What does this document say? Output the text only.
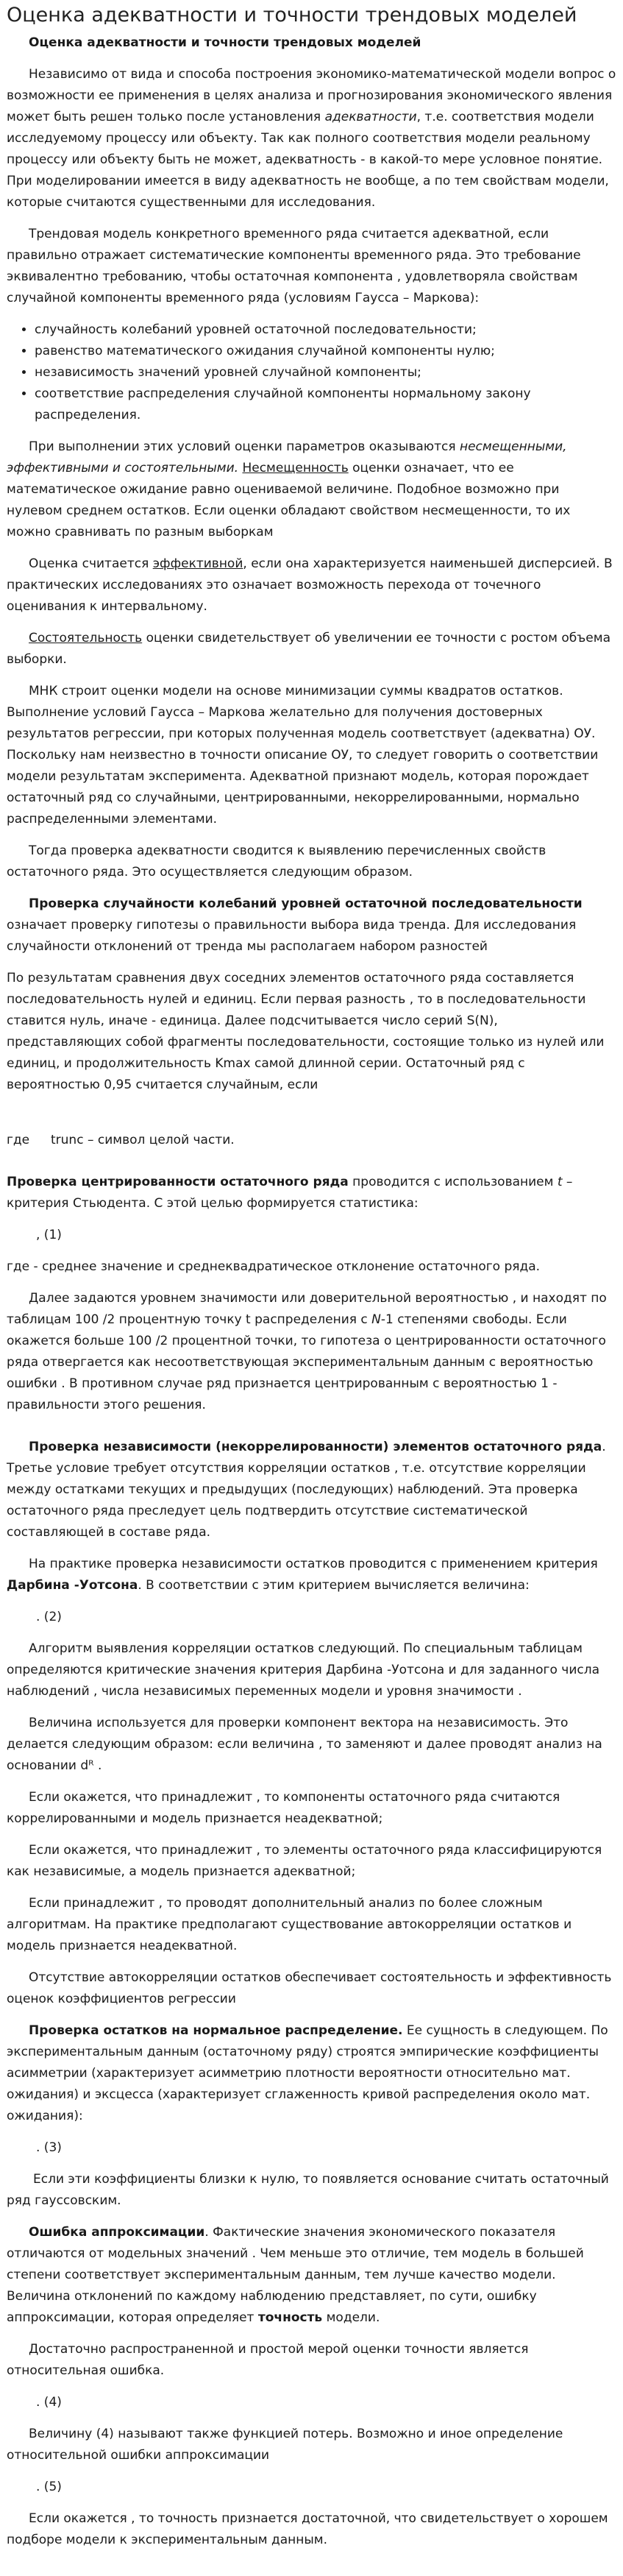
Оценка адекватности и точности трендовых моделей

Оценка адекватности и точности трендовых моделей

Независимо от вида и способа построения экономико-математической модели вопрос о возможности ее применения в целях анализа и прогнозирования экономического явления может быть решен только после установления адекватности, т.е. соответствия модели исследуемому процессу или объекту. Так как полного соответствия модели реальному процессу или объекту быть не может, адекватность - в какой-то мере условное понятие. При моделировании имеется в виду адекватность не вообще, а по тем свойствам модели, которые считаются существенными для исследования.

Трендовая модель конкретного временного ряда считается адекватной, если правильно отражает систематические компоненты временного ряда. Это требование эквивалентно требованию, чтобы остаточная компонента , удовлетворяла свойствам случайной компоненты временного ряда (условиям Гаусса – Маркова):

• случайность колебаний уровней остаточной последовательности;
• равенство математического ожидания случайной компоненты нулю;
• независимость значений уровней случайной компоненты;
• соответствие распределения случайной компоненты нормальному закону распределения.

При выполнении этих условий оценки параметров оказываются несмещенными, эффективными и состоятельными. Несмещенность оценки означает, что ее математическое ожидание равно оцениваемой величине. Подобное возможно при нулевом среднем остатков. Если оценки обладают свойством несмещенности, то их можно сравнивать по разным выборкам

Оценка считается эффективной, если она характеризуется наименьшей дисперсией. В практических исследованиях это означает возможность перехода от точечного оценивания к интервальному.

Состоятельность оценки свидетельствует об увеличении ее точности с ростом объема выборки.

МНК строит оценки модели на основе минимизации суммы квадратов остатков. Выполнение условий Гаусса – Маркова желательно для получения достоверных результатов регрессии, при которых полученная модель соответствует (адекватна) ОУ. Поскольку нам неизвестно в точности описание ОУ, то следует говорить о соответствии модели результатам эксперимента. Адекватной признают модель, которая порождает остаточный ряд со случайными, центрированными, некоррелированными, нормально распределенными элементами.

Тогда проверка адекватности сводится к выявлению перечисленных свойств остаточного ряда. Это осуществляется следующим образом.

Проверка случайности колебаний уровней остаточной последовательности означает проверку гипотезы о правильности выбора вида тренда. Для исследования случайности отклонений от тренда мы располагаем набором разностей

По результатам сравнения двух соседних элементов остаточного ряда составляется последовательность нулей и единиц. Если первая разность , то в последовательности ставится нуль, иначе - единица. Далее подсчитывается число серий S(N), представляющих собой фрагменты последовательности, состоящие только из нулей или единиц, и продолжительность Kmax самой длинной серии. Остаточный ряд с вероятностью 0,95 считается случайным, если

где trunc – символ целой части.

Проверка центрированности остаточного ряда проводится с использованием t – критерия Стьюдента. С этой целью формируется статистика:

, (1)

где - среднее значение и среднеквадратическое отклонение остаточного ряда.

Далее задаются уровнем значимости или доверительной вероятностью , и находят по таблицам 100 /2 процентную точку t распределения с N-1 степенями свободы. Если окажется больше 100 /2 процентной точки, то гипотеза о центрированности остаточного ряда отвергается как несоответствующая экспериментальным данным с вероятностью ошибки . В противном случае ряд признается центрированным с вероятностью 1 - правильности этого решения.

Проверка независимости (некоррелированности) элементов остаточного ряда. Третье условие требует отсутствия корреляции остатков , т.е. отсутствие корреляции между остатками текущих и предыдущих (последующих) наблюдений. Эта проверка остаточного ряда преследует цель подтвердить отсутствие систематической составляющей в составе ряда.

На практике проверка независимости остатков проводится с применением критерия Дарбина -Уотсона. В соответствии с этим критерием вычисляется величина:

. (2)

Алгоритм выявления корреляции остатков следующий. По специальным таблицам определяются критические значения критерия Дарбина -Уотсона и для заданного числа наблюдений , числа независимых переменных модели и уровня значимости .

Величина используется для проверки компонент вектора на независимость. Это делается следующим образом: если величина , то заменяют и далее проводят анализ на основании dᴿ .

Если окажется, что принадлежит , то компоненты остаточного ряда считаются коррелированными и модель признается неадекватной;

Если окажется, что принадлежит , то элементы остаточного ряда классифицируются как независимые, а модель признается адекватной;

Если принадлежит , то проводят дополнительный анализ по более сложным алгоритмам. На практике предполагают существование автокорреляции остатков и модель признается неадекватной.

Отсутствие автокорреляции остатков обеспечивает состоятельность и эффективность оценок коэффициентов регрессии

Проверка остатков на нормальное распределение. Ее сущность в следующем. По экспериментальным данным (остаточному ряду) строятся эмпирические коэффициенты асимметрии (характеризует асимметрию плотности вероятности относительно мат. ожидания) и эксцесса (характеризует сглаженность кривой распределения около мат. ожидания):

. (3)

Если эти коэффициенты близки к нулю, то появляется основание считать остаточный ряд гауссовским.

Ошибка аппроксимации. Фактические значения экономического показателя отличаются от модельных значений . Чем меньше это отличие, тем модель в большей степени соответствует экспериментальным данным, тем лучше качество модели. Величина отклонений по каждому наблюдению представляет, по сути, ошибку аппроксимации, которая определяет точность модели.

Достаточно распространенной и простой мерой оценки точности является относительная ошибка.

. (4)

Величину (4) называют также функцией потерь. Возможно и иное определение относительной ошибки аппроксимации

. (5)

Если окажется , то точность признается достаточной, что свидетельствует о хорошем подборе модели к экспериментальным данным.
